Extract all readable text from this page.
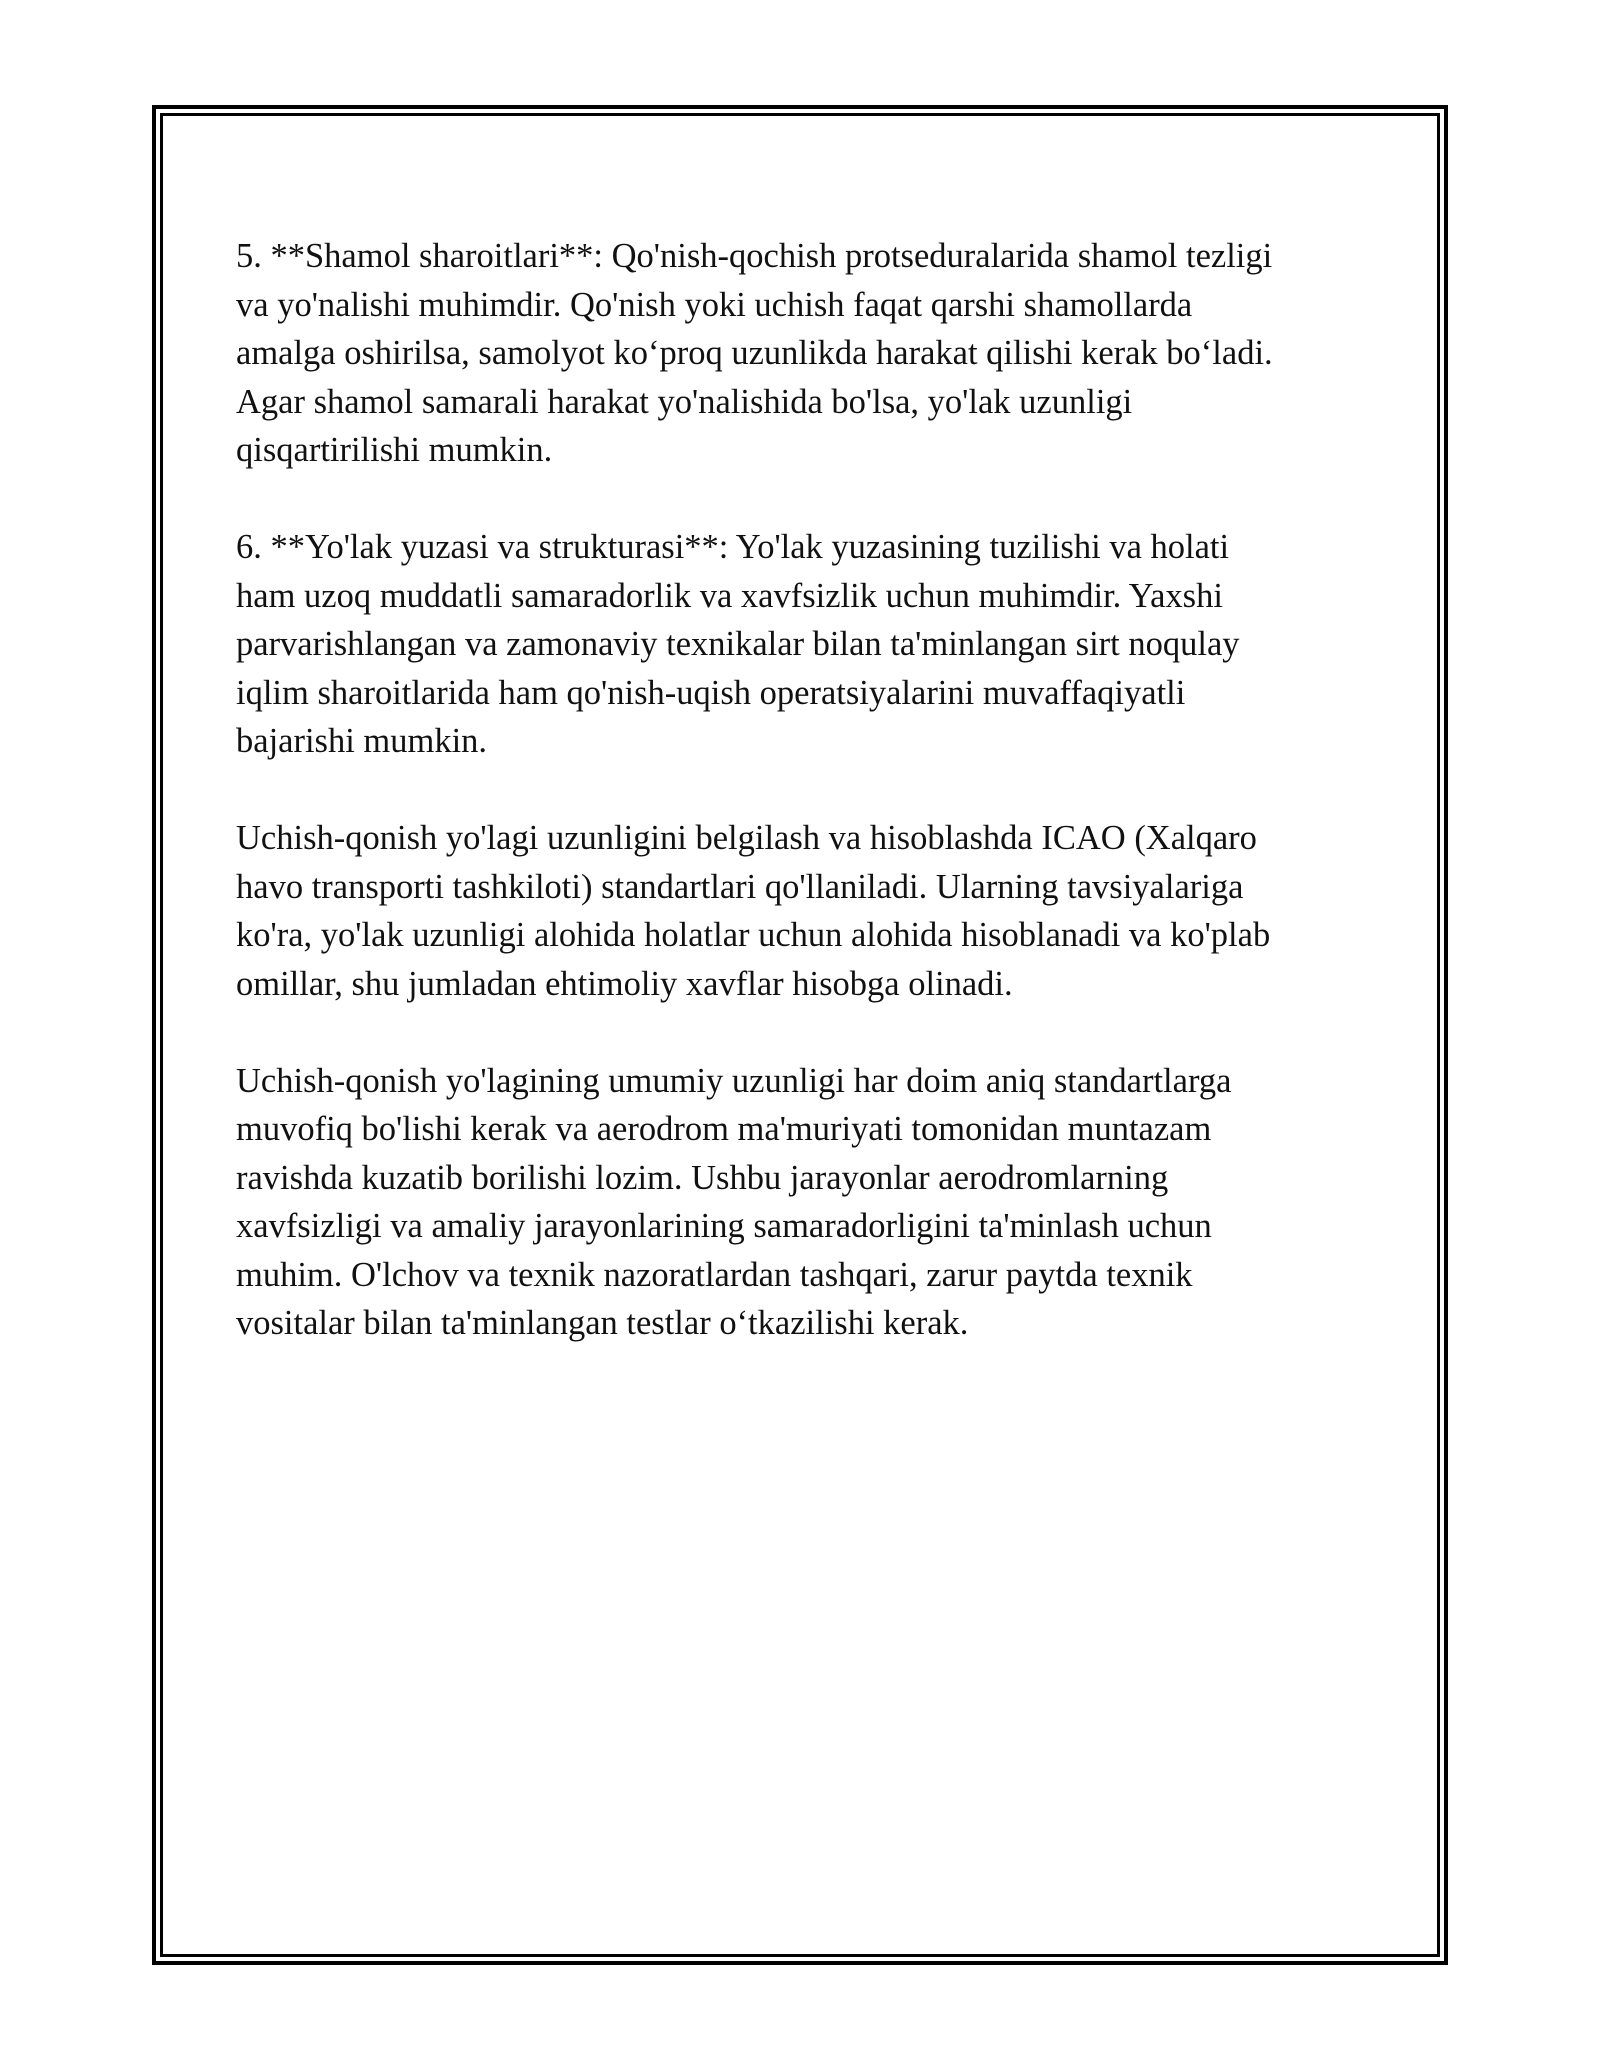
5. **Shamol sharoitlari**: Qo'nish-qochish protseduralarida shamol tezligi
va yo'nalishi muhimdir. Qo'nish yoki uchish faqat qarshi shamollarda
amalga oshirilsa, samolyot ko‘proq uzunlikda harakat qilishi kerak bo‘ladi.
Agar shamol samarali harakat yo'nalishida bo'lsa, yo'lak uzunligi
qisqartirilishi mumkin.

6. **Yo'lak yuzasi va strukturasi**: Yo'lak yuzasining tuzilishi va holati
ham uzoq muddatli samaradorlik va xavfsizlik uchun muhimdir. Yaxshi
parvarishlangan va zamonaviy texnikalar bilan ta'minlangan sirt noqulay
iqlim sharoitlarida ham qo'nish-uqish operatsiyalarini muvaffaqiyatli
bajarishi mumkin.

Uchish-qonish yo'lagi uzunligini belgilash va hisoblashda ICAO (Xalqaro
havo transporti tashkiloti) standartlari qo'llaniladi. Ularning tavsiyalariga
ko'ra, yo'lak uzunligi alohida holatlar uchun alohida hisoblanadi va ko'plab
omillar, shu jumladan ehtimoliy xavflar hisobga olinadi.

Uchish-qonish yo'lagining umumiy uzunligi har doim aniq standartlarga
muvofiq bo'lishi kerak va aerodrom ma'muriyati tomonidan muntazam
ravishda kuzatib borilishi lozim. Ushbu jarayonlar aerodromlarning
xavfsizligi va amaliy jarayonlarining samaradorligini ta'minlash uchun
muhim. O'lchov va texnik nazoratlardan tashqari, zarur paytda texnik
vositalar bilan ta'minlangan testlar o‘tkazilishi kerak.
